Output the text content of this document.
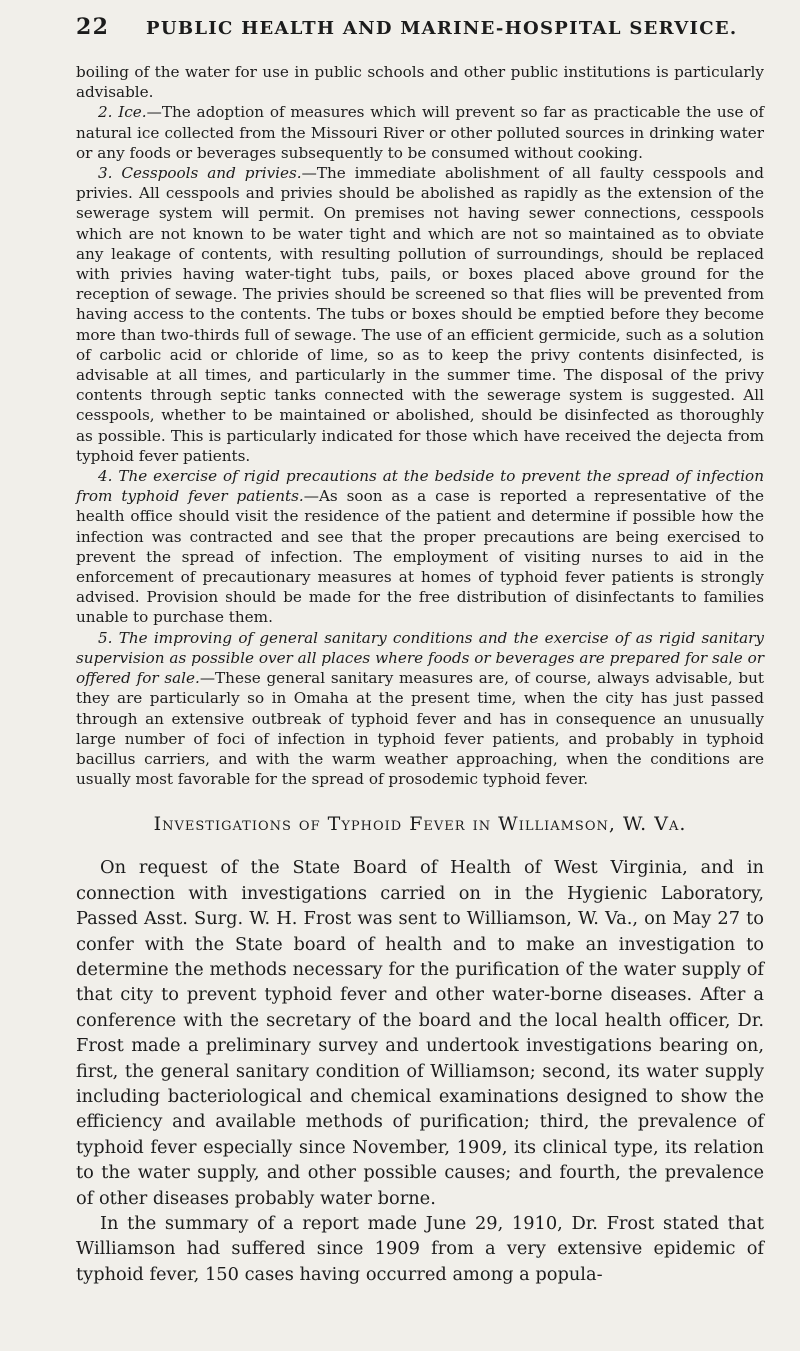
22	PUBLIC HEALTH AND MARINE-HOSPITAL SERVICE.

boiling of the water for use in public schools and other public institutions is particularly advisable.

2. Ice.—The adoption of measures which will prevent so far as practicable the use of natural ice collected from the Missouri River or other polluted sources in drinking water or any foods or beverages subsequently to be consumed without cooking.

3. Cesspools and privies.—The immediate abolishment of all faulty cesspools and privies. All cesspools and privies should be abolished as rapidly as the extension of the sewerage system will permit. On premises not having sewer connections, cesspools which are not known to be water tight and which are not so maintained as to obviate any leakage of contents, with resulting pollution of surroundings, should be replaced with privies having water-tight tubs, pails, or boxes placed above ground for the reception of sewage. The privies should be screened so that flies will be prevented from having access to the contents. The tubs or boxes should be emptied before they become more than two-thirds full of sewage. The use of an efficient germicide, such as a solution of carbolic acid or chloride of lime, so as to keep the privy contents disinfected, is advisable at all times, and particularly in the summer time. The disposal of the privy contents through septic tanks connected with the sewerage system is suggested. All cesspools, whether to be maintained or abolished, should be disinfected as thoroughly as possible. This is particularly indicated for those which have received the dejecta from typhoid fever patients.

4. The exercise of rigid precautions at the bedside to prevent the spread of infection from typhoid fever patients.—As soon as a case is reported a representative of the health office should visit the residence of the patient and determine if possible how the infection was contracted and see that the proper precautions are being exercised to prevent the spread of infection. The employment of visiting nurses to aid in the enforcement of precautionary measures at homes of typhoid fever patients is strongly advised. Provision should be made for the free distribution of disinfectants to families unable to purchase them.

5. The improving of general sanitary conditions and the exercise of as rigid sanitary supervision as possible over all places where foods or beverages are prepared for sale or offered for sale.—These general sanitary measures are, of course, always advisable, but they are particularly so in Omaha at the present time, when the city has just passed through an extensive outbreak of typhoid fever and has in consequence an unusually large number of foci of infection in typhoid fever patients, and probably in typhoid bacillus carriers, and with the warm weather approaching, when the conditions are usually most favorable for the spread of prosodemic typhoid fever.

Investigations of Typhoid Fever in Williamson, W. Va.

On request of the State Board of Health of West Virginia, and in connection with investigations carried on in the Hygienic Laboratory, Passed Asst. Surg. W. H. Frost was sent to Williamson, W. Va., on May 27 to confer with the State board of health and to make an investigation to determine the methods necessary for the purification of the water supply of that city to prevent typhoid fever and other water-borne diseases. After a conference with the secretary of the board and the local health officer, Dr. Frost made a preliminary survey and undertook investigations bearing on, first, the general sanitary condition of Williamson; second, its water supply including bacteriological and chemical examinations designed to show the efficiency and available methods of purification; third, the prevalence of typhoid fever especially since November, 1909, its clinical type, its relation to the water supply, and other possible causes; and fourth, the prevalence of other diseases probably water borne.

In the summary of a report made June 29, 1910, Dr. Frost stated that Williamson had suffered since 1909 from a very extensive epidemic of typhoid fever, 150 cases having occurred among a popula-
